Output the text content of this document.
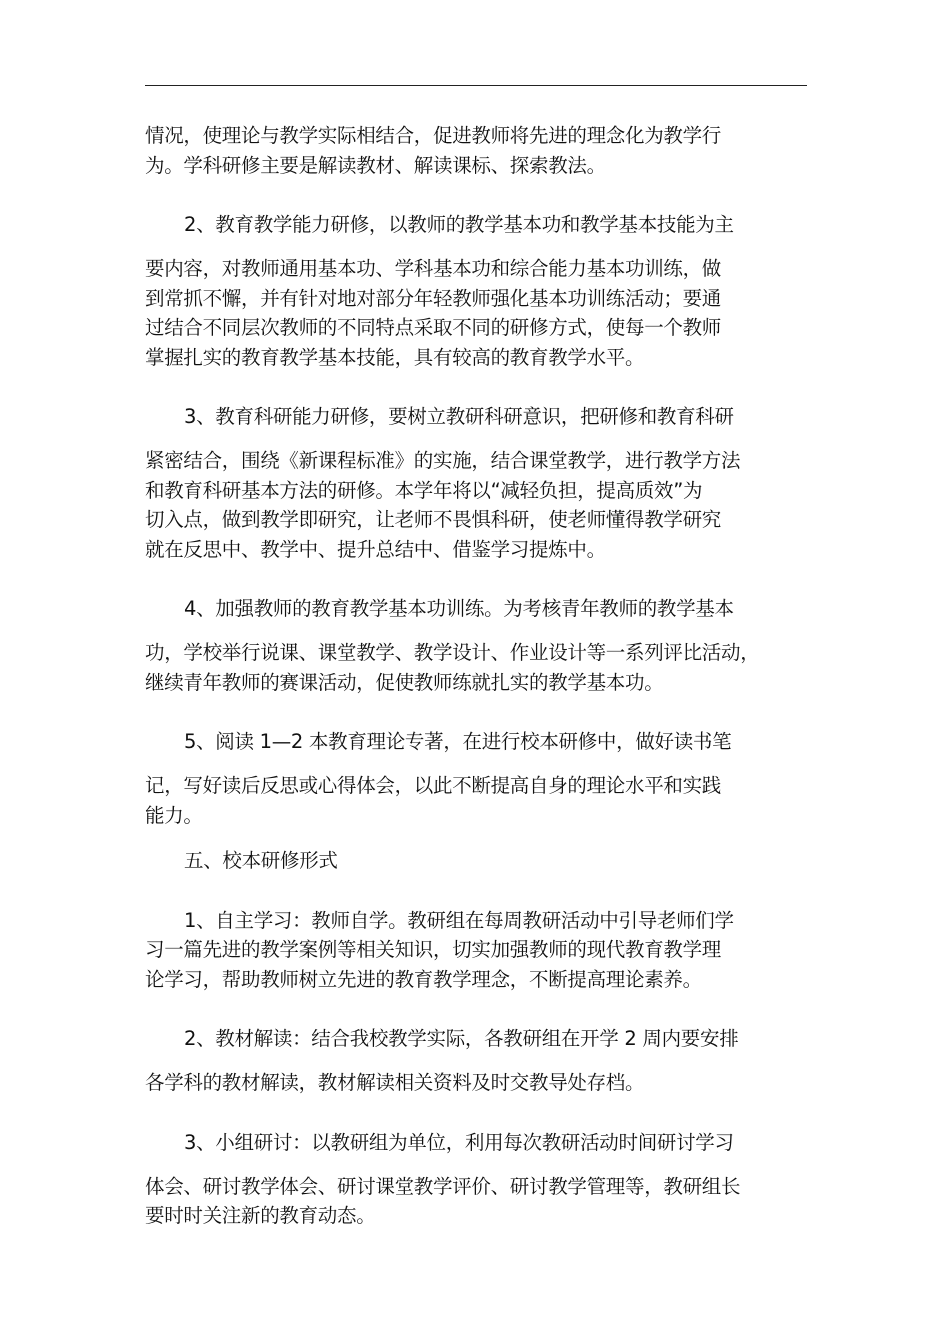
情况，使理论与教学实际相结合，促进教师将先进的理念化为教学行
为。学科研修主要是解读教材、解读课标、探索教法。

2、教育教学能力研修，以教师的教学基本功和教学基本技能为主
要内容，对教师通用基本功、学科基本功和综合能力基本功训练，做
到常抓不懈，并有针对地对部分年轻教师强化基本功训练活动；要通
过结合不同层次教师的不同特点采取不同的研修方式，使每一个教师
掌握扎实的教育教学基本技能，具有较高的教育教学水平。

3、教育科研能力研修，要树立教研科研意识，把研修和教育科研
紧密结合，围绕《新课程标准》的实施，结合课堂教学，进行教学方法
和教育科研基本方法的研修。本学年将以“减轻负担，提高质效”为
切入点，做到教学即研究，让老师不畏惧科研，使老师懂得教学研究
就在反思中、教学中、提升总结中、借鉴学习提炼中。

4、加强教师的教育教学基本功训练。为考核青年教师的教学基本
功，学校举行说课、课堂教学、教学设计、作业设计等一系列评比活动，
继续青年教师的赛课活动，促使教师练就扎实的教学基本功。

5、阅读 1—2 本教育理论专著，在进行校本研修中，做好读书笔
记，写好读后反思或心得体会，以此不断提高自身的理论水平和实践
能力。

五、校本研修形式

1、自主学习：教师自学。教研组在每周教研活动中引导老师们学
习一篇先进的教学案例等相关知识，切实加强教师的现代教育教学理
论学习，帮助教师树立先进的教育教学理念，不断提高理论素养。

2、教材解读：结合我校教学实际，各教研组在开学 2 周内要安排
各学科的教材解读，教材解读相关资料及时交教导处存档。

3、小组研讨：以教研组为单位，利用每次教研活动时间研讨学习
体会、研讨教学体会、研讨课堂教学评价、研讨教学管理等，教研组长
要时时关注新的教育动态。
